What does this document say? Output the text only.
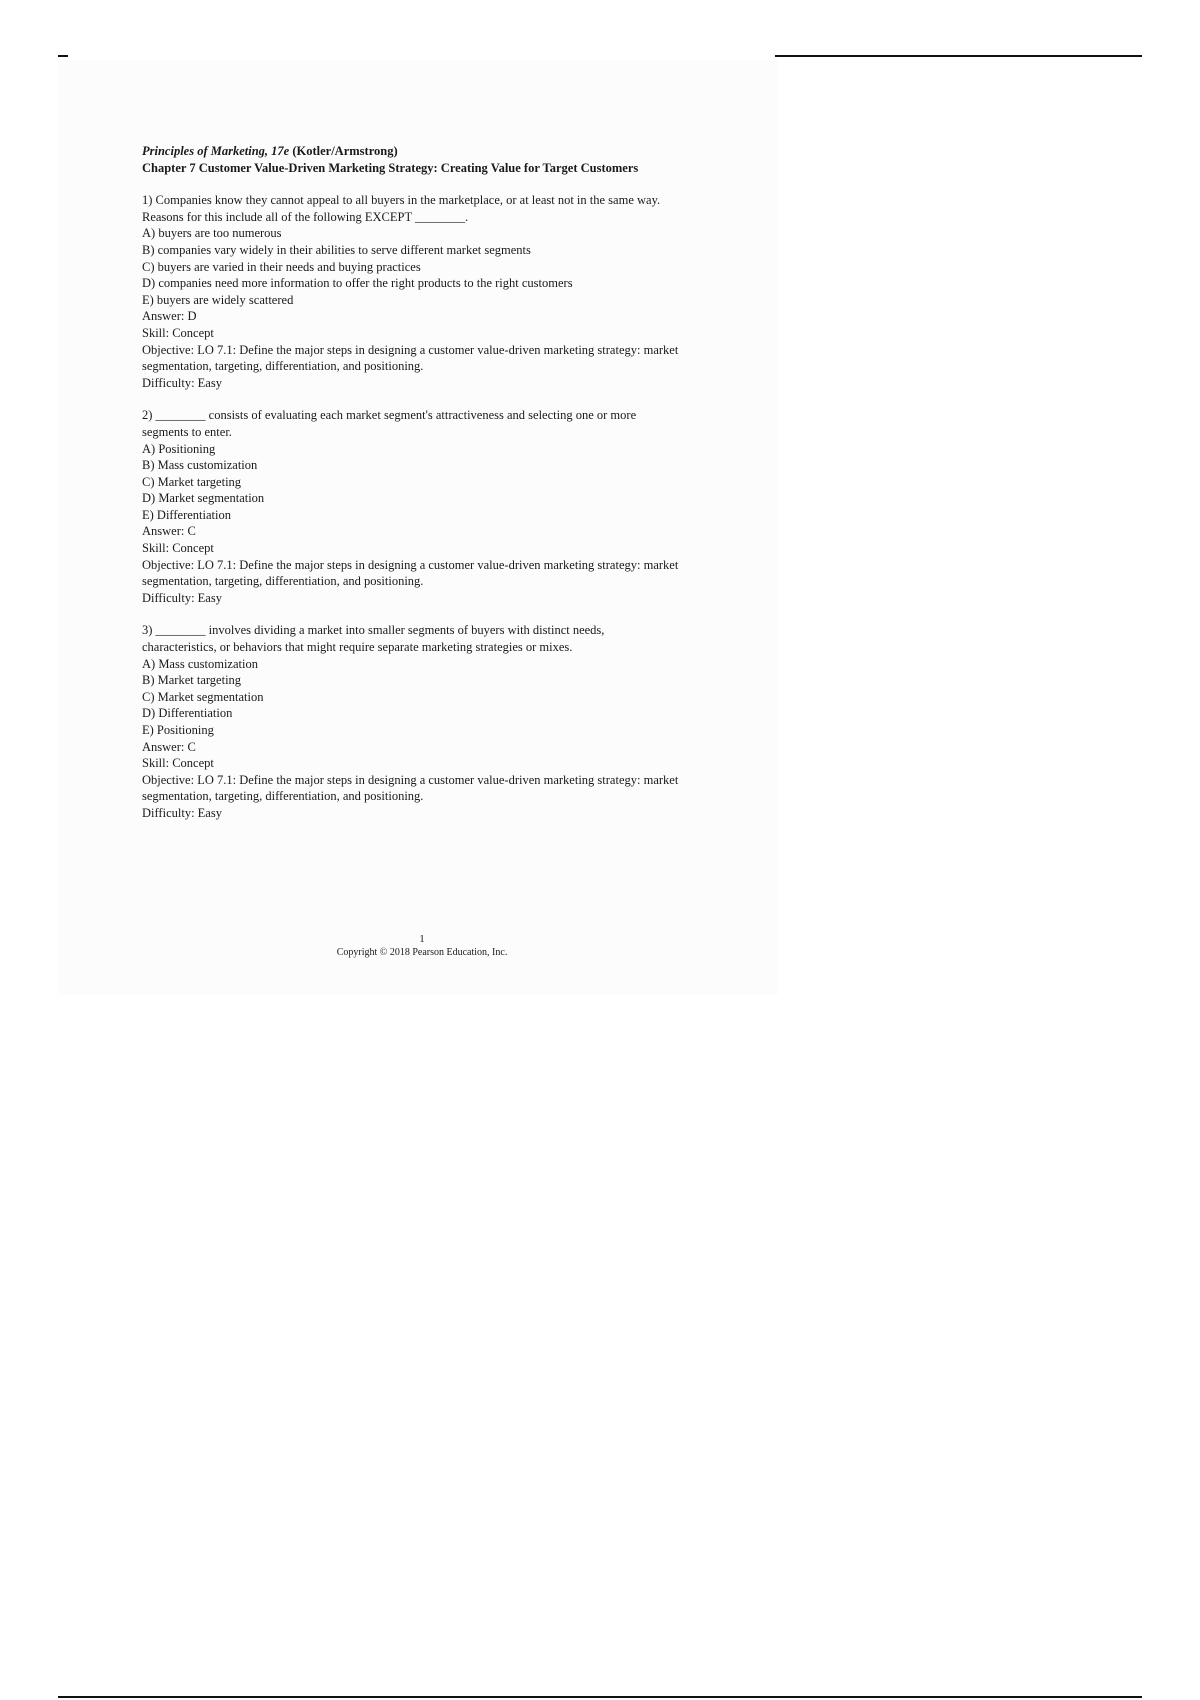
Principles of Marketing, 17e (Kotler/Armstrong)
Chapter 7 Customer Value-Driven Marketing Strategy: Creating Value for Target Customers

1) Companies know they cannot appeal to all buyers in the marketplace, or at least not in the same way. Reasons for this include all of the following EXCEPT ________.

A) buyers are too numerous

B) companies vary widely in their abilities to serve different market segments

C) buyers are varied in their needs and buying practices

D) companies need more information to offer the right products to the right customers

E) buyers are widely scattered

Answer: D

Skill: Concept

Objective: LO 7.1: Define the major steps in designing a customer value-driven marketing strategy: market segmentation, targeting, differentiation, and positioning.

Difficulty: Easy

2) ________ consists of evaluating each market segment's attractiveness and selecting one or more segments to enter.

A) Positioning

B) Mass customization

C) Market targeting

D) Market segmentation

E) Differentiation

Answer: C

Skill: Concept

Objective: LO 7.1: Define the major steps in designing a customer value-driven marketing strategy: market segmentation, targeting, differentiation, and positioning.

Difficulty: Easy

3) ________ involves dividing a market into smaller segments of buyers with distinct needs, characteristics, or behaviors that might require separate marketing strategies or mixes.

A) Mass customization

B) Market targeting

C) Market segmentation

D) Differentiation

E) Positioning

Answer: C

Skill: Concept

Objective: LO 7.1: Define the major steps in designing a customer value-driven marketing strategy: market segmentation, targeting, differentiation, and positioning.

Difficulty: Easy

1
Copyright © 2018 Pearson Education, Inc.
